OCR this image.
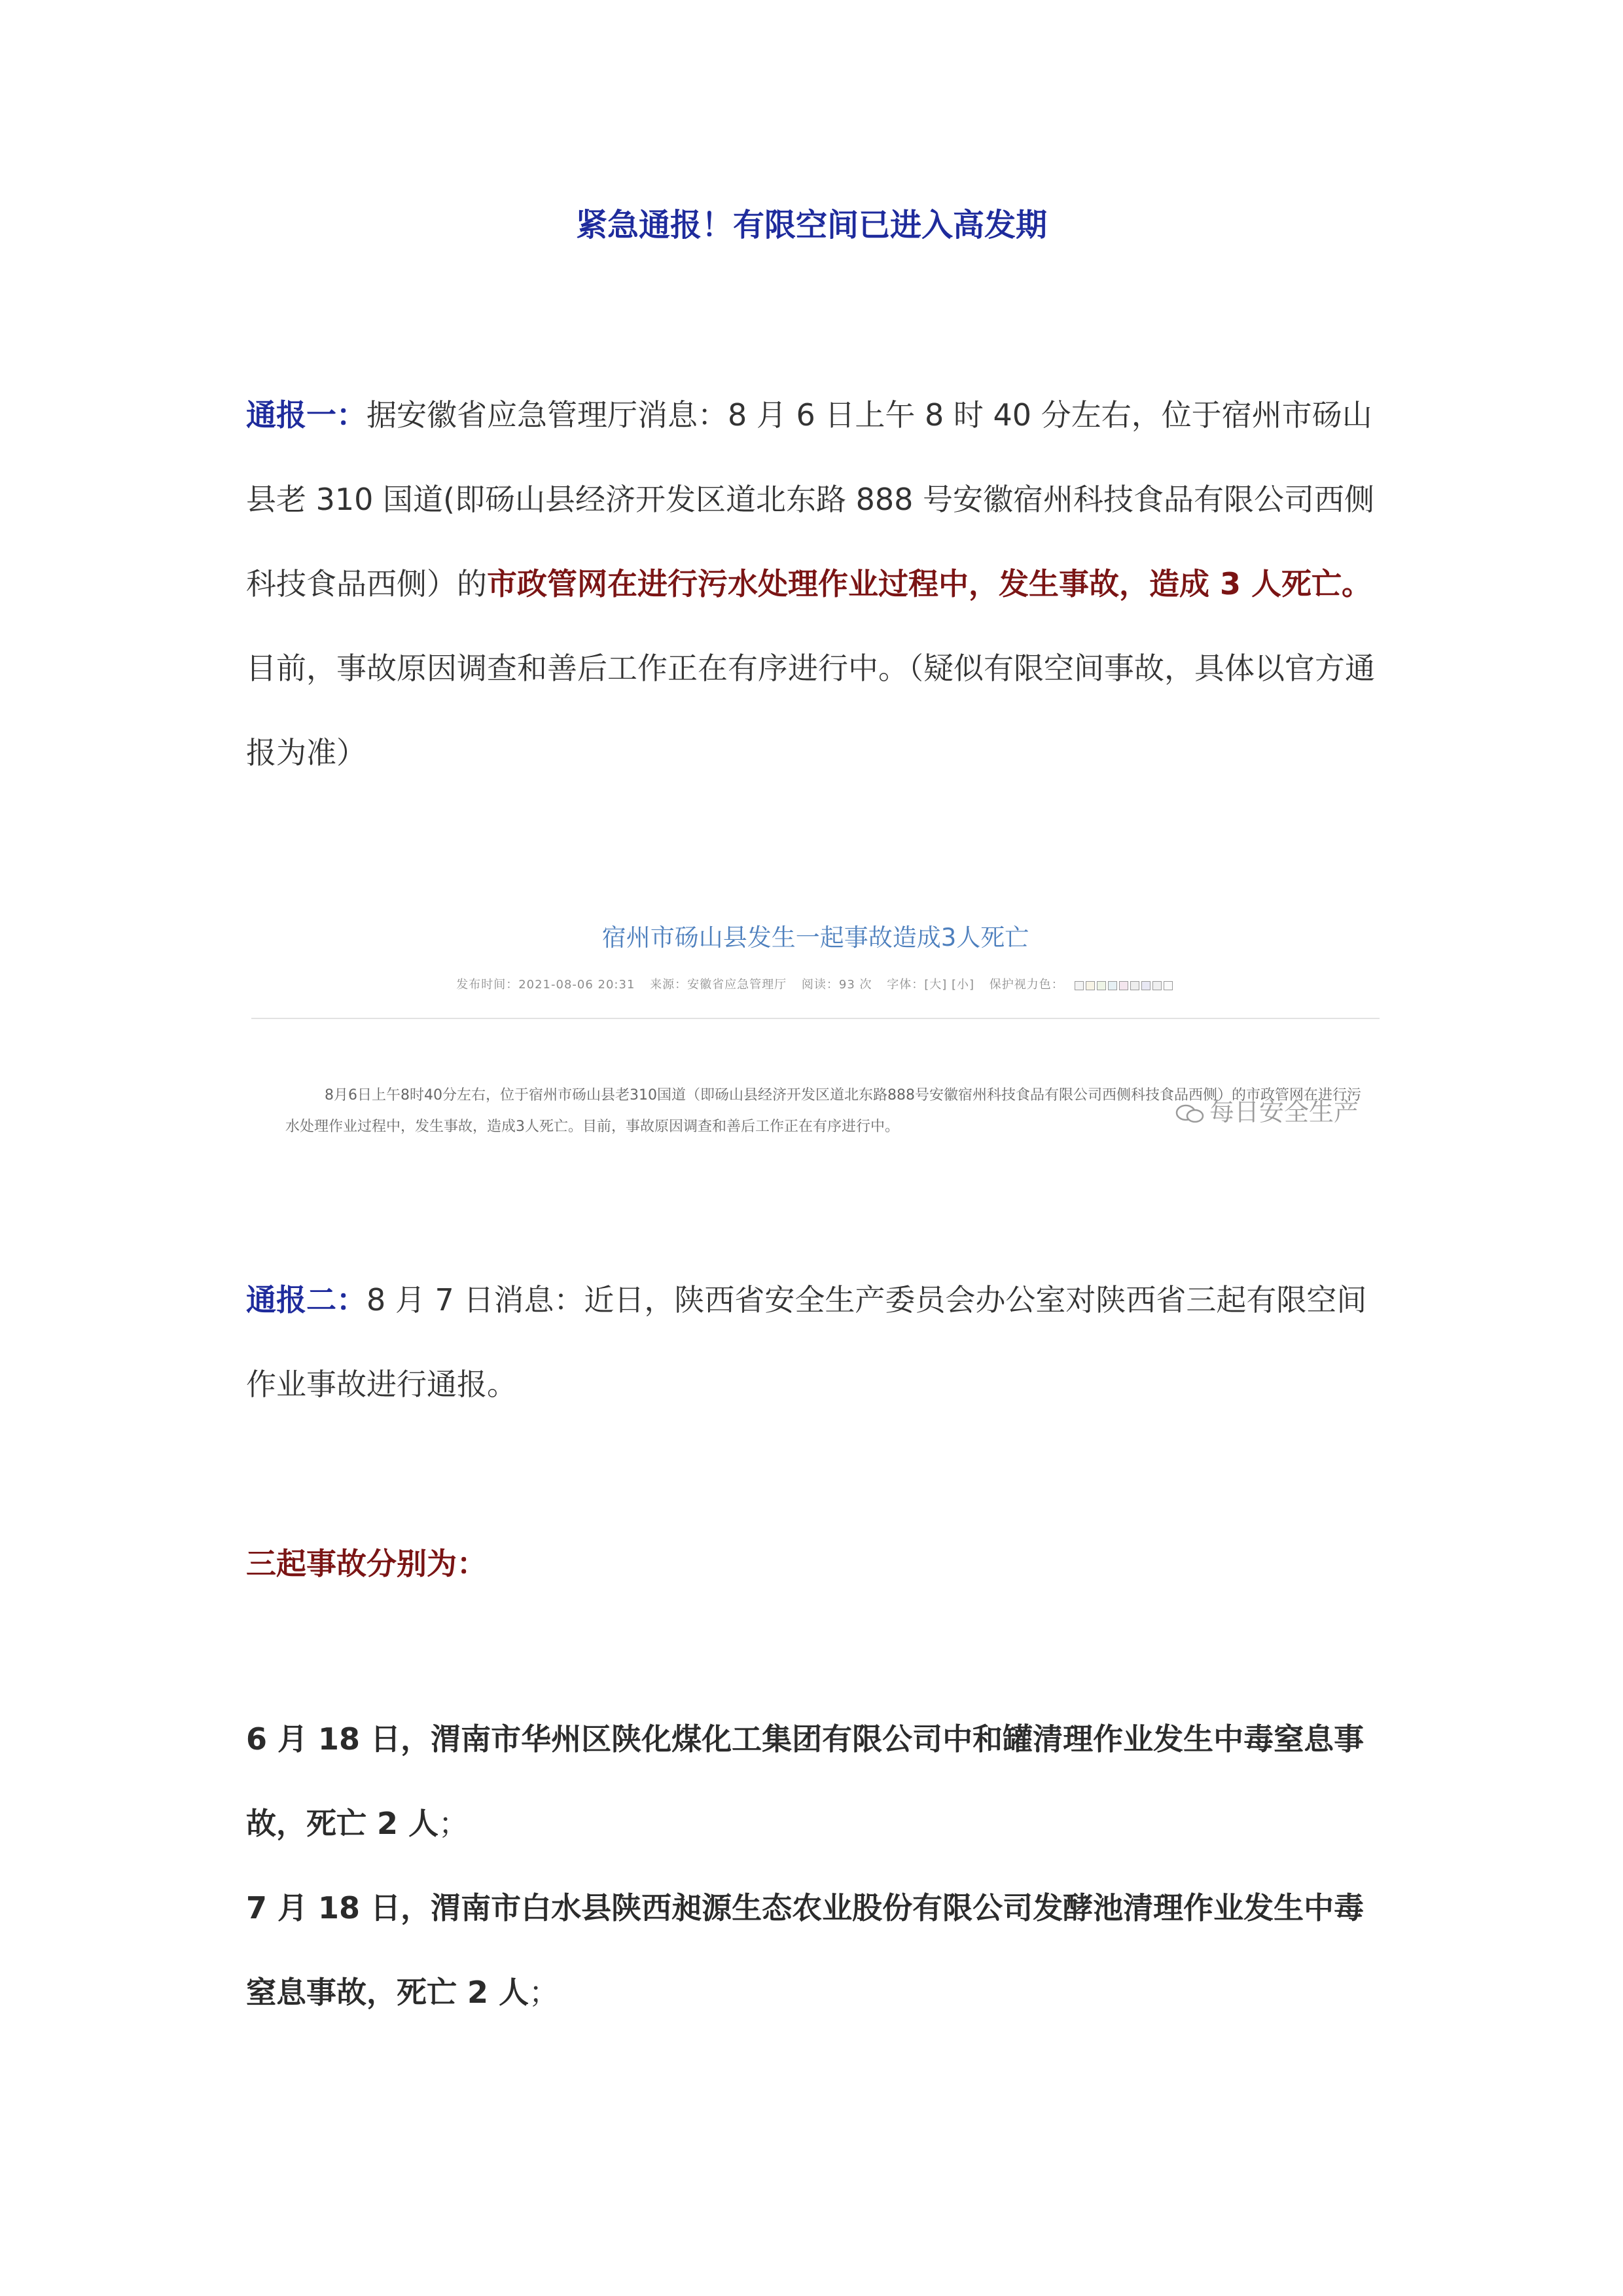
紧急通报！有限空间已进入高发期

通报一：据安徽省应急管理厅消息：8 月 6 日上午 8 时 40 分左右，位于宿州市砀山县老 310 国道(即砀山县经济开发区道北东路 888 号安徽宿州科技食品有限公司西侧科技食品西侧）的市政管网在进行污水处理作业过程中，发生事故，造成 3 人死亡。目前，事故原因调查和善后工作正在有序进行中。（疑似有限空间事故，具体以官方通报为准）

宿州市砀山县发生一起事故造成3人死亡
发布时间：2021-08-06 20:31 来源：安徽省应急管理厅 阅读：93 次 字体：[大] [小] 保护视力色：
8月6日上午8时40分左右，位于宿州市砀山县老310国道（即砀山县经济开发区道北东路888号安徽宿州科技食品有限公司西侧科技食品西侧）的市政管网在进行污水处理作业过程中，发生事故，造成3人死亡。目前，事故原因调查和善后工作正在有序进行中。
每日安全生产

通报二：8 月 7 日消息：近日，陕西省安全生产委员会办公室对陕西省三起有限空间作业事故进行通报。

三起事故分别为：

6 月 18 日，渭南市华州区陕化煤化工集团有限公司中和罐清理作业发生中毒窒息事故，死亡 2 人；
7 月 18 日，渭南市白水县陕西昶源生态农业股份有限公司发酵池清理作业发生中毒窒息事故，死亡 2 人；
